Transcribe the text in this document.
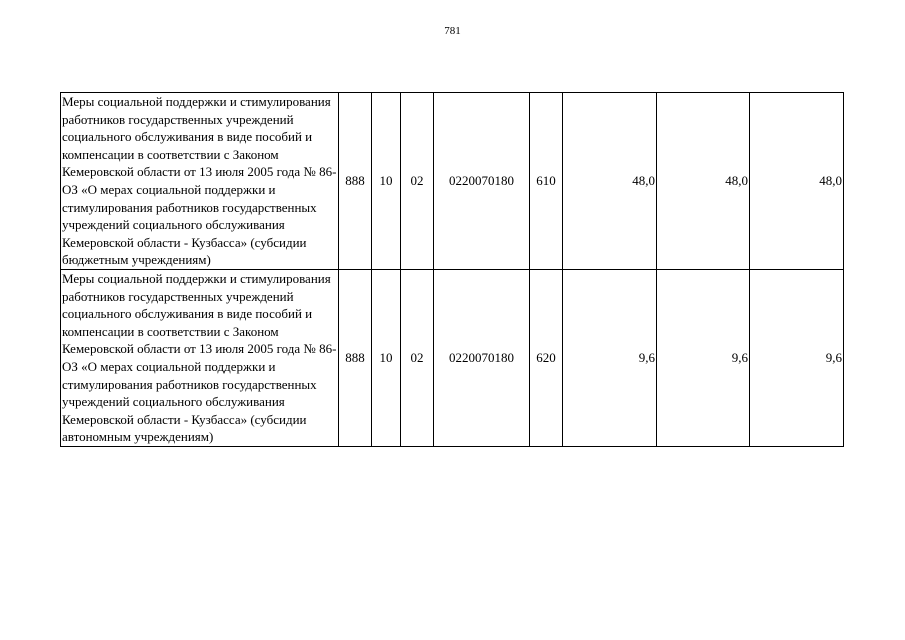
781
Меры социальной поддержки и стимулирования работников государственных учреждений социального обслуживания в виде пособий и компенсации в соответствии с Законом Кемеровской области от 13 июля 2005 года № 86-ОЗ «О мерах социальной поддержки и стимулирования работников государственных учреждений социального обслуживания Кемеровской области - Кузбасса» (субсидии бюджетным учреждениям)	888	10	02	0220070180	610	48,0	48,0	48,0
Меры социальной поддержки и стимулирования работников государственных учреждений социального обслуживания в виде пособий и компенсации в соответствии с Законом Кемеровской области от 13 июля 2005 года № 86-ОЗ «О мерах социальной поддержки и стимулирования работников государственных учреждений социального обслуживания Кемеровской области - Кузбасса» (субсидии автономным учреждениям)	888	10	02	0220070180	620	9,6	9,6	9,6
